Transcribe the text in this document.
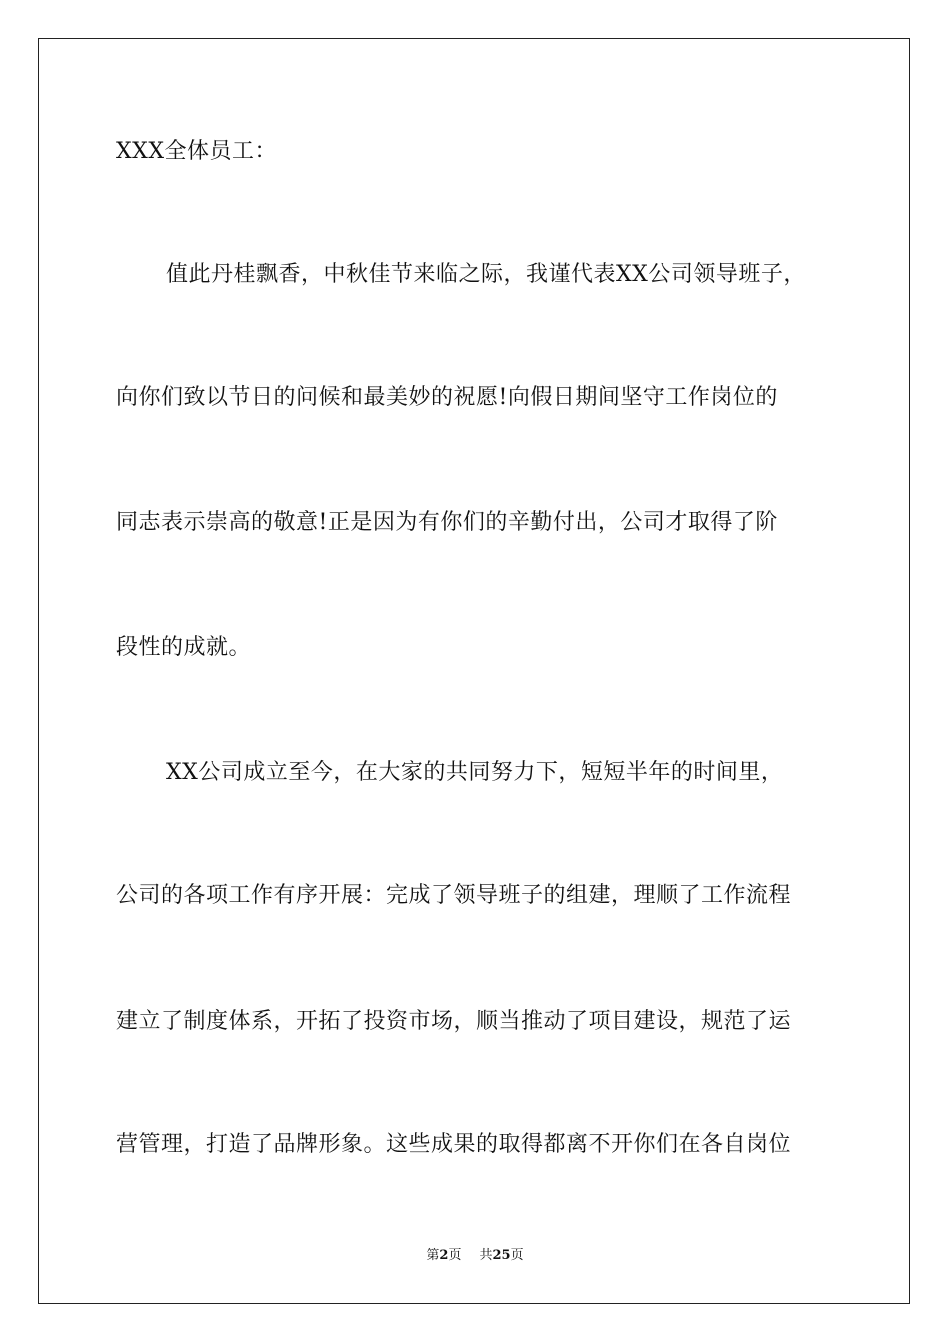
XXX全体员工：
值此丹桂飘香，中秋佳节来临之际，我谨代表XX公司领导班子，
向你们致以节日的问候和最美妙的祝愿!向假日期间坚守工作岗位的
同志表示崇高的敬意!正是因为有你们的辛勤付出，公司才取得了阶
段性的成就。
XX公司成立至今，在大家的共同努力下，短短半年的时间里，
公司的各项工作有序开展：完成了领导班子的组建，理顺了工作流程
建立了制度体系，开拓了投资市场，顺当推动了项目建设，规范了运
营管理，打造了品牌形象。这些成果的取得都离不开你们在各自岗位
第2页 共25页
